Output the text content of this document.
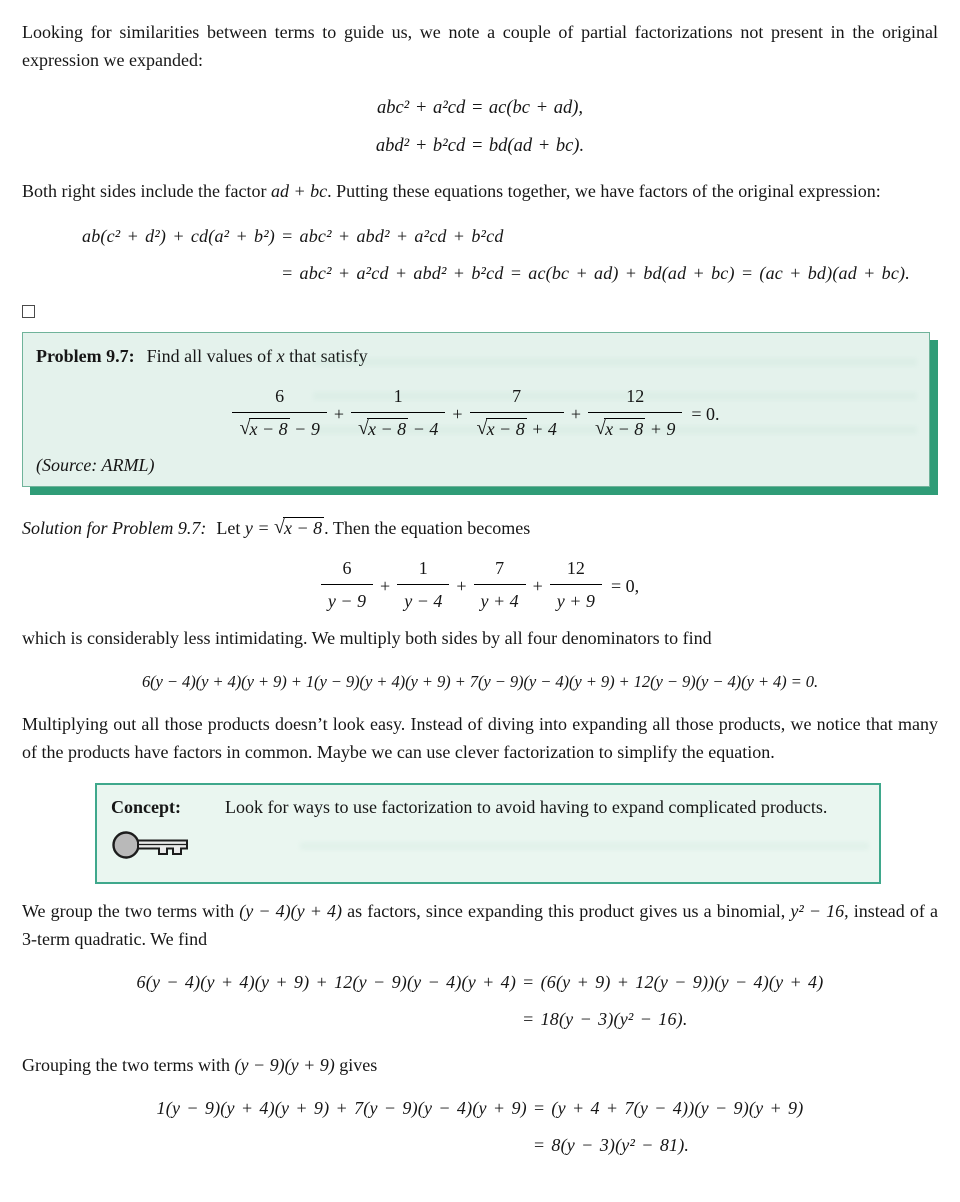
Looking for similarities between terms to guide us, we note a couple of partial factorizations not present in the original expression we expanded:

abc² + a²cd = ac(bc + ad),
abd² + b²cd = bd(ad + bc).

Both right sides include the factor ad + bc. Putting these equations together, we have factors of the original expression:

ab(c² + d²) + cd(a² + b²)	= abc² + abd² + a²cd + b²cd
	= abc² + a²cd + abd² + b²cd = ac(bc + ad) + bd(ad + bc) = (ac + bd)(ad + bc).

Problem 9.7: Find all values of x that satisfy

$\frac{6}{√x - 8 - 9} + \frac{1}{√x - 8 - 4} + \frac{7}{√x - 8 + 4} + \frac{12}{√x - 8 + 9} = 0$.

(Source: ARML)

Solution for Problem 9.7: Let y = √x − 8 . Then the equation becomes

$\frac{6}{y - 9} + \frac{1}{y - 4} + \frac{7}{y + 4} + \frac{12}{y + 9} = 0$,

which is considerably less intimidating. We multiply both sides by all four denominators to find

6(y − 4)(y + 4)(y + 9) + 1(y − 9)(y + 4)(y + 9) + 7(y − 9)(y − 4)(y + 9) + 12(y − 9)(y − 4)(y + 4) = 0.

Multiplying out all those products doesn’t look easy. Instead of diving into expanding all those products, we notice that many of the products have factors in common. Maybe we can use clever factorization to simplify the equation.

Concept:	Look for ways to use factorization to avoid having to expand complicated products.

We group the two terms with (y − 4)(y + 4) as factors, since expanding this product gives us a binomial, y² − 16, instead of a 3-term quadratic. We find

6(y − 4)(y + 4)(y + 9) + 12(y − 9)(y − 4)(y + 4)	= (6(y + 9) + 12(y − 9))(y − 4)(y + 4)
	= 18(y − 3)(y² − 16).

Grouping the two terms with (y − 9)(y + 9) gives

1(y − 9)(y + 4)(y + 9) + 7(y − 9)(y − 4)(y + 9)	= (y + 4 + 7(y − 4))(y − 9)(y + 9)
	= 8(y − 3)(y² − 81).
